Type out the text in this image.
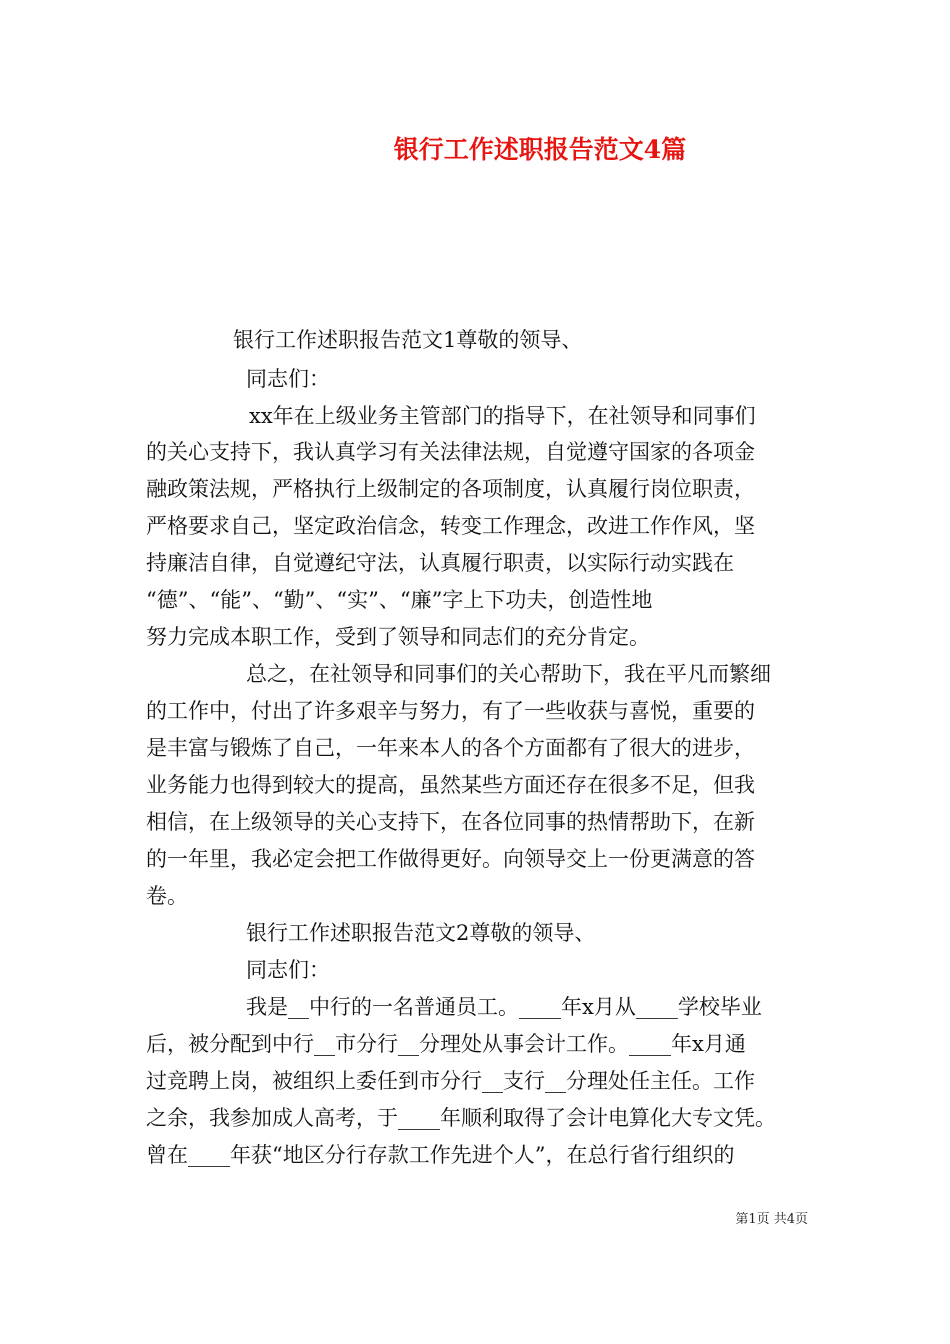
银行工作述职报告范文4篇
银行工作述职报告范文1尊敬的领导、
同志们：
xx年在上级业务主管部门的指导下，在社领导和同事们
的关心支持下，我认真学习有关法律法规，自觉遵守国家的各项金
融政策法规，严格执行上级制定的各项制度，认真履行岗位职责，
严格要求自己，坚定政治信念，转变工作理念，改进工作作风，坚
持廉洁自律，自觉遵纪守法，认真履行职责，以实际行动实践在
“德”、“能”、“勤”、“实”、“廉”字上下功夫，创造性地
努力完成本职工作，受到了领导和同志们的充分肯定。
总之，在社领导和同事们的关心帮助下，我在平凡而繁细
的工作中，付出了许多艰辛与努力，有了一些收获与喜悦，重要的
是丰富与锻炼了自己，一年来本人的各个方面都有了很大的进步，
业务能力也得到较大的提高，虽然某些方面还存在很多不足，但我
相信，在上级领导的关心支持下，在各位同事的热情帮助下，在新
的一年里，我必定会把工作做得更好。向领导交上一份更满意的答
卷。
银行工作述职报告范文2尊敬的领导、
同志们：
我是__中行的一名普通员工。____年x月从____学校毕业
后，被分配到中行__市分行__分理处从事会计工作。____年x月通
过竞聘上岗，被组织上委任到市分行__支行__分理处任主任。工作
之余，我参加成人高考，于____年顺利取得了会计电算化大专文凭。
曾在____年获“地区分行存款工作先进个人”，在总行省行组织的
第1页 共4页
